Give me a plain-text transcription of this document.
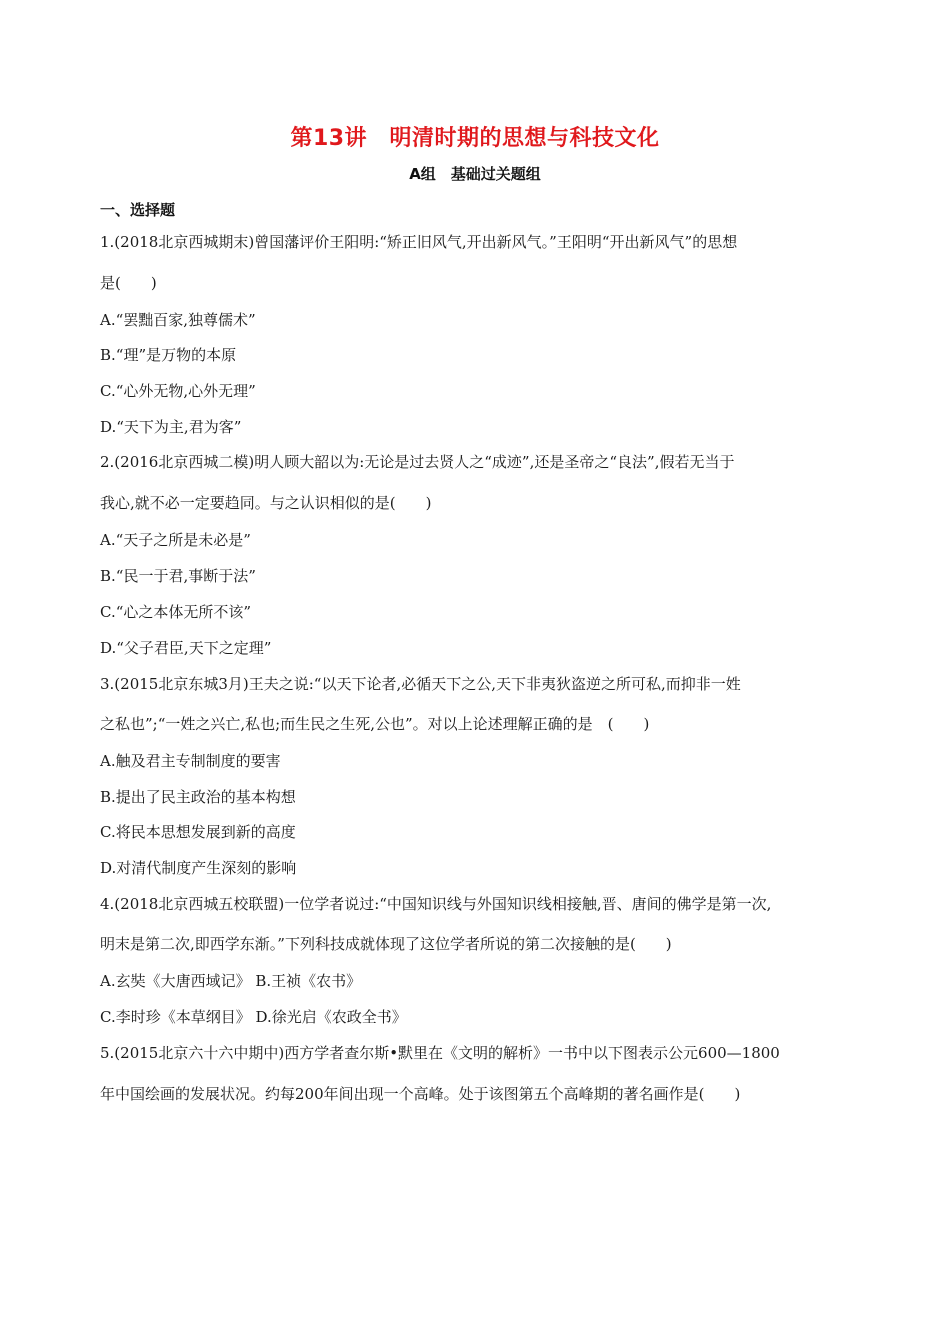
第13讲　明清时期的思想与科技文化
A组　基础过关题组
一、选择题
1.(2018北京西城期末)曾国藩评价王阳明:“矫正旧风气,开出新风气。”王阳明“开出新风气”的思想
是(　　)
A.“罢黜百家,独尊儒术”
B.“理”是万物的本原
C.“心外无物,心外无理”
D.“天下为主,君为客”
2.(2016北京西城二模)明人顾大韶以为:无论是过去贤人之“成迹”,还是圣帝之“良法”,假若无当于
我心,就不必一定要趋同。与之认识相似的是(　　)
A.“天子之所是未必是”
B.“民一于君,事断于法”
C.“心之本体无所不该”
D.“父子君臣,天下之定理”
3.(2015北京东城3月)王夫之说:“以天下论者,必循天下之公,天下非夷狄盗逆之所可私,而抑非一姓
之私也”;“一姓之兴亡,私也;而生民之生死,公也”。对以上论述理解正确的是　(　　)
A.触及君主专制制度的要害
B.提出了民主政治的基本构想
C.将民本思想发展到新的高度
D.对清代制度产生深刻的影响
4.(2018北京西城五校联盟)一位学者说过:“中国知识线与外国知识线相接触,晋、唐间的佛学是第一次,
明末是第二次,即西学东渐。”下列科技成就体现了这位学者所说的第二次接触的是(　　)
A.玄奘《大唐西域记》 B.王祯《农书》
C.李时珍《本草纲目》 D.徐光启《农政全书》
5.(2015北京六十六中期中)西方学者查尔斯•默里在《文明的解析》一书中以下图表示公元600—1800
年中国绘画的发展状况。约每200年间出现一个高峰。处于该图第五个高峰期的著名画作是(　　)
